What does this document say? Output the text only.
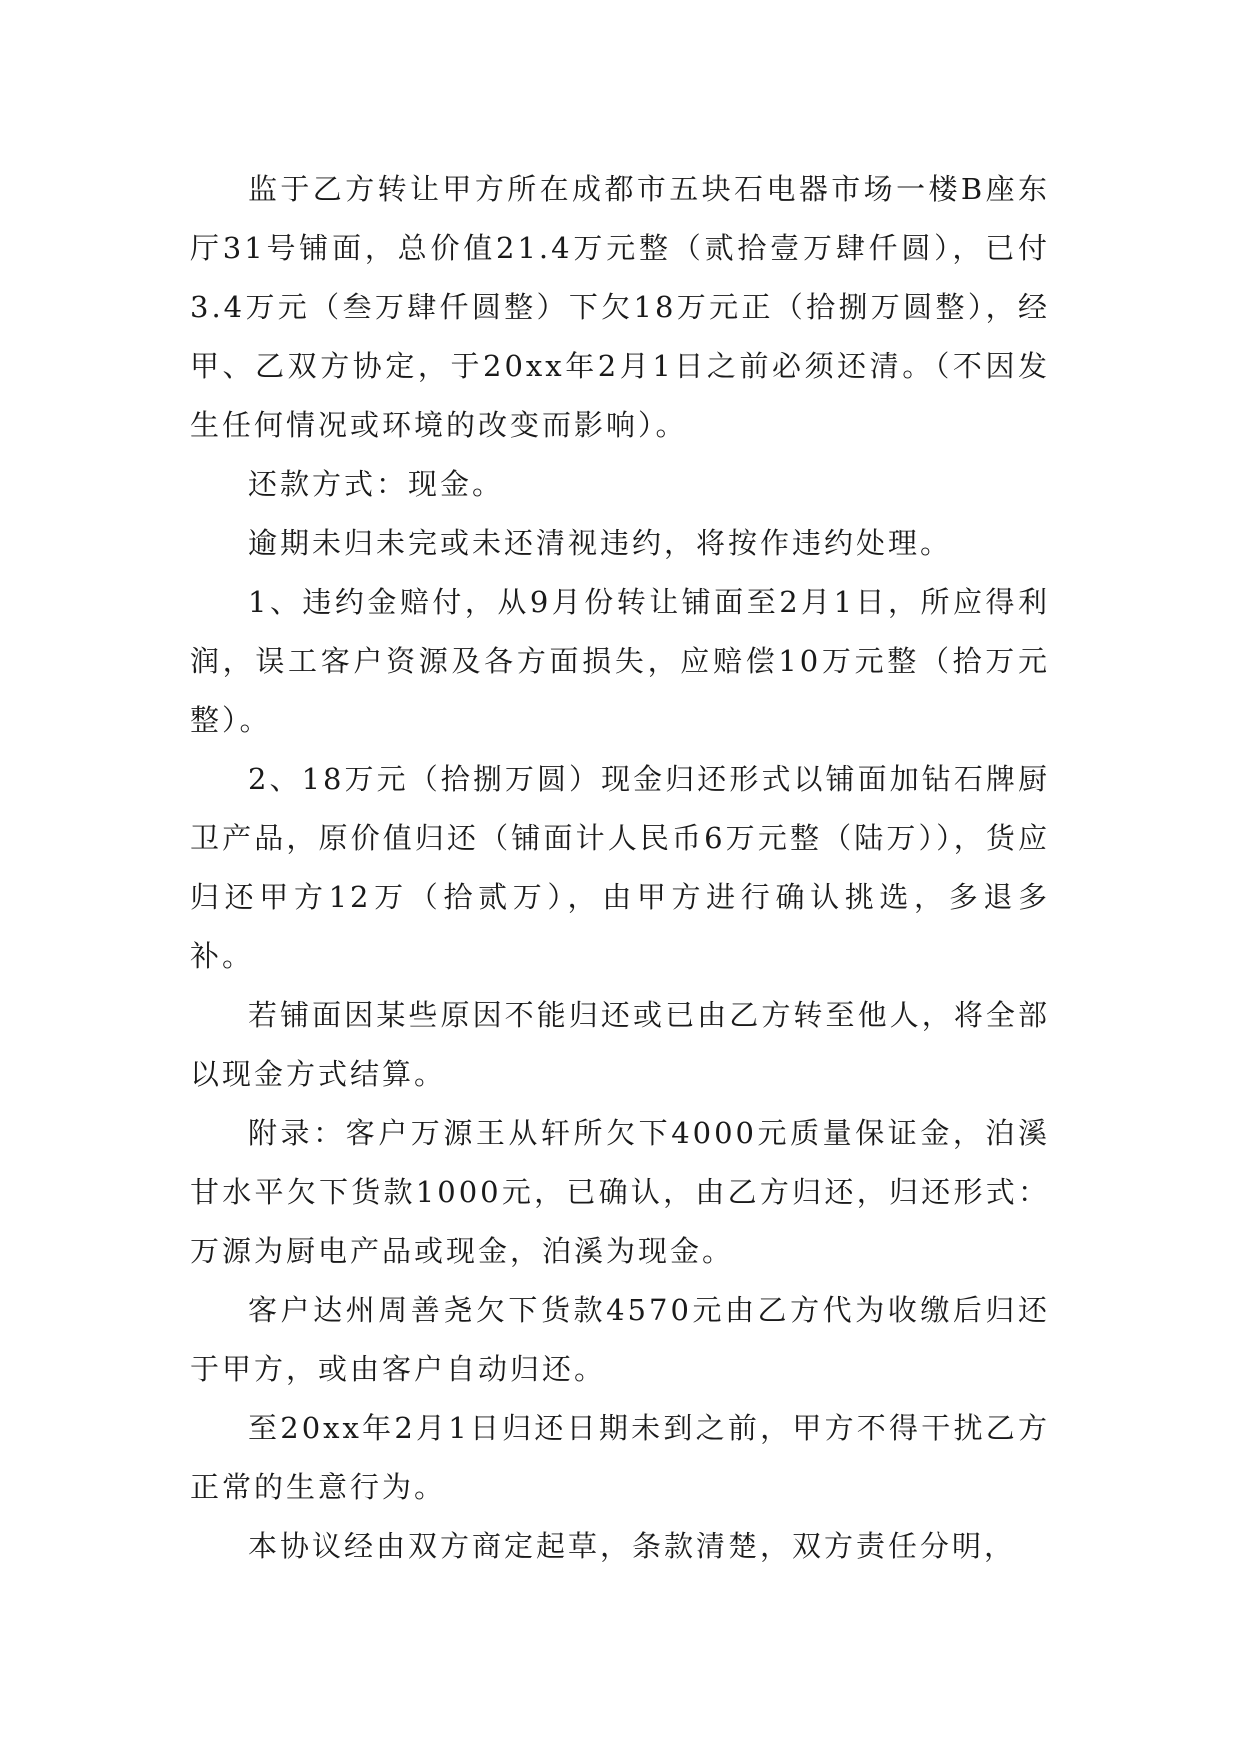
监于乙方转让甲方所在成都市五块石电器市场一楼B座东厅31号铺面，总价值21.4万元整（贰拾壹万肆仟圆），已付3.4万元（叁万肆仟圆整）下欠18万元正（拾捌万圆整），经甲、乙双方协定，于20xx年2月1日之前必须还清。（不因发生任何情况或环境的改变而影响）。

还款方式：现金。

逾期未归未完或未还清视违约，将按作违约处理。

1、违约金赔付，从9月份转让铺面至2月1日，所应得利润，误工客户资源及各方面损失，应赔偿10万元整（拾万元整）。

2、18万元（拾捌万圆）现金归还形式以铺面加钻石牌厨卫产品，原价值归还（铺面计人民币6万元整（陆万）），货应归还甲方12万（拾贰万），由甲方进行确认挑选，多退多补。

若铺面因某些原因不能归还或已由乙方转至他人，将全部以现金方式结算。

附录：客户万源王从轩所欠下4000元质量保证金，泊溪甘水平欠下货款1000元，已确认，由乙方归还，归还形式：万源为厨电产品或现金，泊溪为现金。

客户达州周善尧欠下货款4570元由乙方代为收缴后归还于甲方，或由客户自动归还。

至20xx年2月1日归还日期未到之前，甲方不得干扰乙方正常的生意行为。

本协议经由双方商定起草，条款清楚，双方责任分明，
